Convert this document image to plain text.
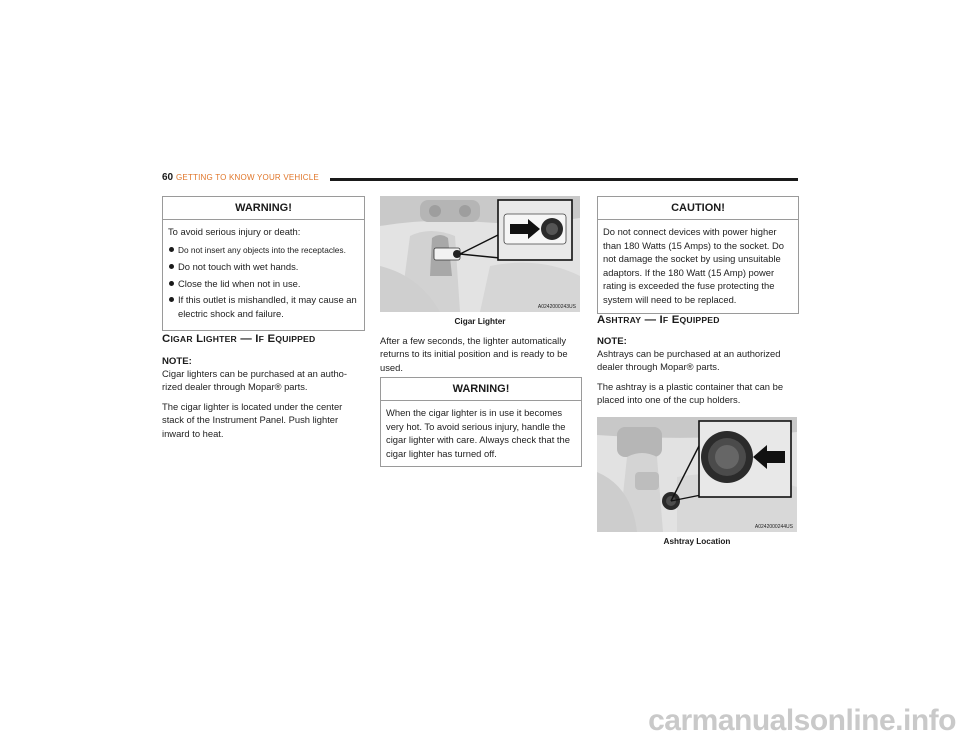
60 GETTING TO KNOW YOUR VEHICLE
WARNING!

To avoid serious injury or death:

Do not insert any objects into the receptacles.
Do not touch with wet hands.
Close the lid when not in use.
If this outlet is mishandled, it may cause an electric shock and failure.
CIGAR LIGHTER — IF EQUIPPED
NOTE:

Cigar lighters can be purchased at an authorized dealer through Mopar® parts.

The cigar lighter is located under the center stack of the Instrument Panel. Push lighter inward to heat.

A0242000243US
Cigar Lighter

After a few seconds, the lighter automatically returns to its initial position and is ready to be used.

WARNING!

When the cigar lighter is in use it becomes very hot. To avoid serious injury, handle the cigar lighter with care. Always check that the cigar lighter has turned off.

CAUTION!

Do not connect devices with power higher than 180 Watts (15 Amps) to the socket. Do not damage the socket by using unsuitable adaptors. If the 180 Watt (15 Amp) power rating is exceeded the fuse protecting the system will need to be replaced.

ASHTRAY — IF EQUIPPED
NOTE:

Ashtrays can be purchased at an authorized dealer through Mopar® parts.

The ashtray is a plastic container that can be placed into one of the cup holders.

A0242000244US
Ashtray Location
carmanualsonline.info
